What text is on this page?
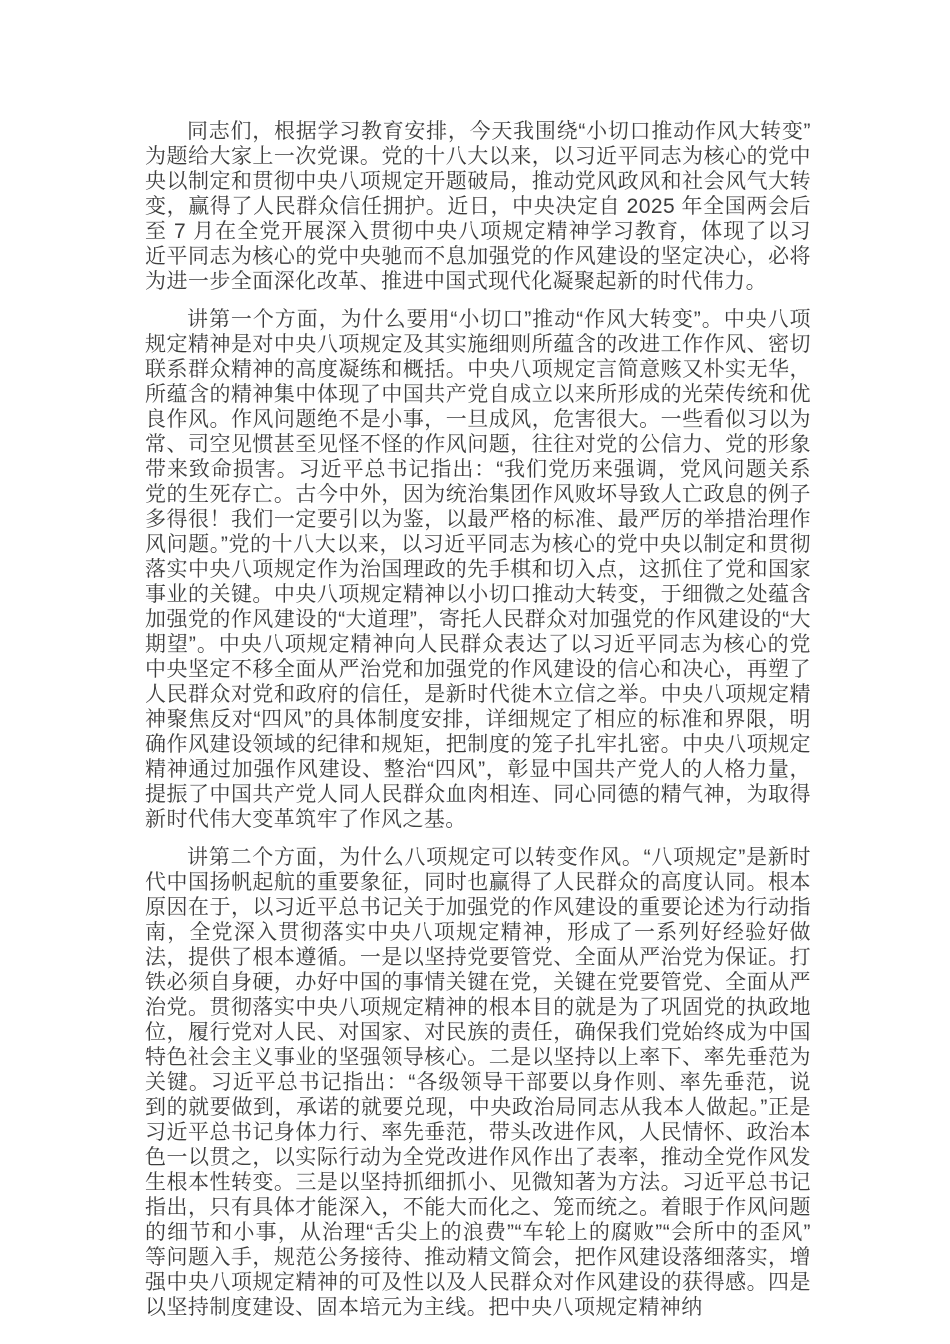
同志们，根据学习教育安排，今天我围绕“小切口推动作风大转变”为题给大家上一次党课。党的十八大以来，以习近平同志为核心的党中央以制定和贯彻中央八项规定开题破局，推动党风政风和社会风气大转变，赢得了人民群众信任拥护。近日，中央决定自 2025 年全国两会后至 7 月在全党开展深入贯彻中央八项规定精神学习教育，体现了以习近平同志为核心的党中央驰而不息加强党的作风建设的坚定决心，必将为进一步全面深化改革、推进中国式现代化凝聚起新的时代伟力。

讲第一个方面，为什么要用“小切口”推动“作风大转变”。中央八项规定精神是对中央八项规定及其实施细则所蕴含的改进工作作风、密切联系群众精神的高度凝练和概括。中央八项规定言简意赅又朴实无华，所蕴含的精神集中体现了中国共产党自成立以来所形成的光荣传统和优良作风。作风问题绝不是小事，一旦成风，危害很大。一些看似习以为常、司空见惯甚至见怪不怪的作风问题，往往对党的公信力、党的形象带来致命损害。习近平总书记指出：“我们党历来强调，党风问题关系党的生死存亡。古今中外，因为统治集团作风败坏导致人亡政息的例子多得很！我们一定要引以为鉴，以最严格的标准、最严厉的举措治理作风问题。”党的十八大以来，以习近平同志为核心的党中央以制定和贯彻落实中央八项规定作为治国理政的先手棋和切入点，这抓住了党和国家事业的关键。中央八项规定精神以小切口推动大转变，于细微之处蕴含加强党的作风建设的“大道理”，寄托人民群众对加强党的作风建设的“大期望”。中央八项规定精神向人民群众表达了以习近平同志为核心的党中央坚定不移全面从严治党和加强党的作风建设的信心和决心，再塑了人民群众对党和政府的信任，是新时代徙木立信之举。中央八项规定精神聚焦反对“四风”的具体制度安排，详细规定了相应的标准和界限，明确作风建设领域的纪律和规矩，把制度的笼子扎牢扎密。中央八项规定精神通过加强作风建设、整治“四风”，彰显中国共产党人的人格力量，提振了中国共产党人同人民群众血肉相连、同心同德的精气神，为取得新时代伟大变革筑牢了作风之基。

讲第二个方面，为什么八项规定可以转变作风。“八项规定”是新时代中国扬帆起航的重要象征，同时也赢得了人民群众的高度认同。根本原因在于，以习近平总书记关于加强党的作风建设的重要论述为行动指南，全党深入贯彻落实中央八项规定精神，形成了一系列好经验好做法，提供了根本遵循。一是以坚持党要管党、全面从严治党为保证。打铁必须自身硬，办好中国的事情关键在党，关键在党要管党、全面从严治党。贯彻落实中央八项规定精神的根本目的就是为了巩固党的执政地位，履行党对人民、对国家、对民族的责任，确保我们党始终成为中国特色社会主义事业的坚强领导核心。二是以坚持以上率下、率先垂范为关键。习近平总书记指出：“各级领导干部要以身作则、率先垂范，说到的就要做到，承诺的就要兑现，中央政治局同志从我本人做起。”正是习近平总书记身体力行、率先垂范，带头改进作风，人民情怀、政治本色一以贯之，以实际行动为全党改进作风作出了表率，推动全党作风发生根本性转变。三是以坚持抓细抓小、见微知著为方法。习近平总书记指出，只有具体才能深入，不能大而化之、笼而统之。着眼于作风问题的细节和小事，从治理“舌尖上的浪费”“车轮上的腐败”“会所中的歪风”等问题入手，规范公务接待、推动精文简会，把作风建设落细落实，增强中央八项规定精神的可及性以及人民群众对作风建设的获得感。四是以坚持制度建设、固本培元为主线。把中央八项规定精神纳
